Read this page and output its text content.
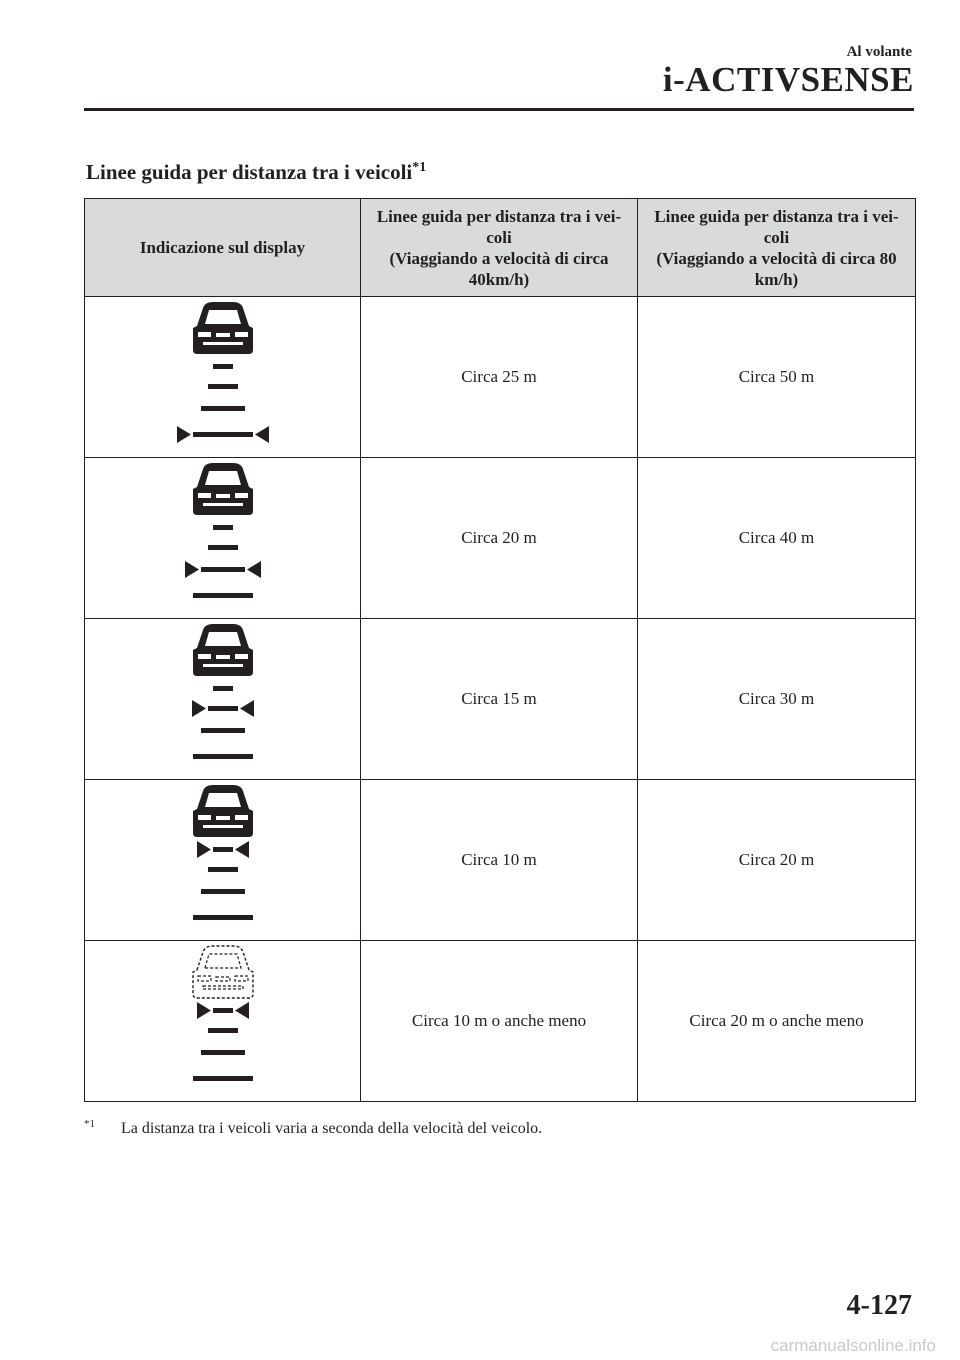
Al volante
i-ACTIVSENSE
Linee guida per distanza tra i veicoli$^{*1}$
Indicazione sul display	Linee guida per distanza tra i vei-
coli
(Viaggiando a velocità di circa
40km/h)	Linee guida per distanza tra i vei-
coli
(Viaggiando a velocità di circa 80
km/h)
	Circa 25 m	Circa 50 m
	Circa 20 m	Circa 40 m
	Circa 15 m	Circa 30 m
	Circa 10 m	Circa 20 m
	Circa 10 m o anche meno	Circa 20 m o anche meno
$^{*1}$ La distanza tra i veicoli varia a seconda della velocità del veicolo.
4-127
carmanualsonline.info
